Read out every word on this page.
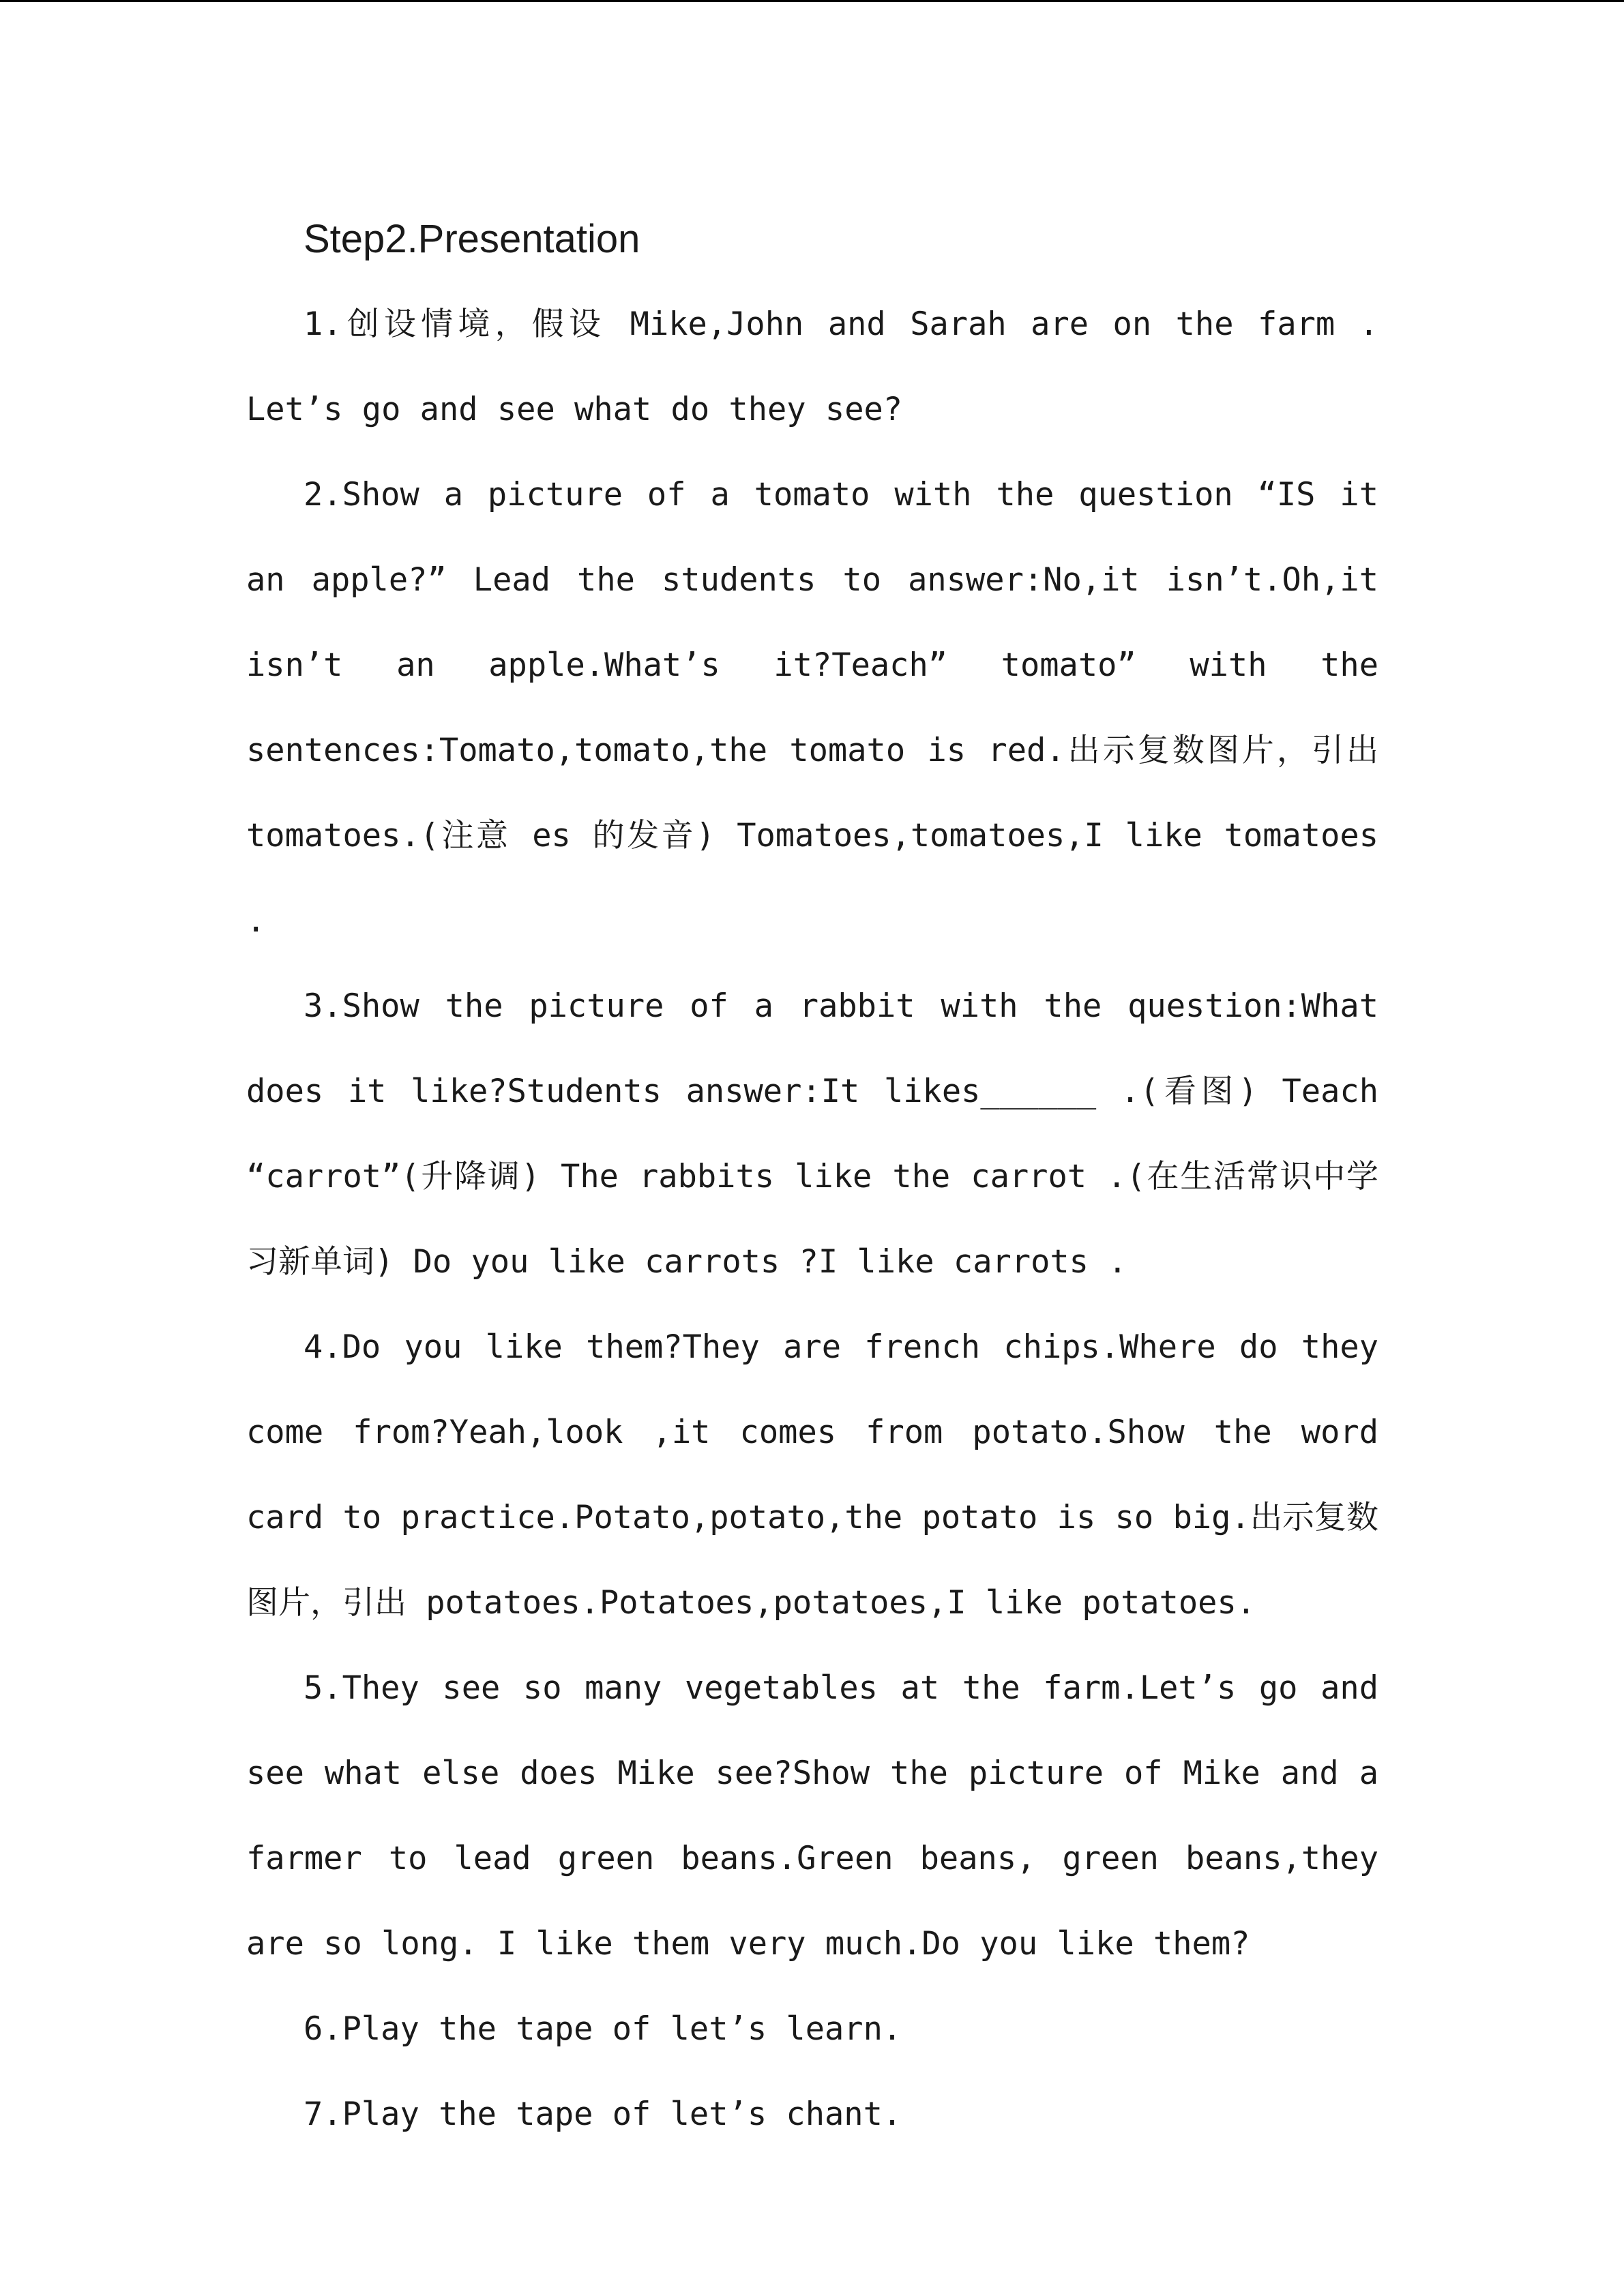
Step2.Presentation

1.创设情境，假设 Mike,John and Sarah are on the farm . Let’s go and see what do they see?

2.Show a picture of a tomato with the question “IS it an apple?” Lead the students to answer:No,it isn’t.Oh,it isn’t an apple.What’s it?Teach” tomato” with the sentences:Tomato,tomato,the tomato is red.出示复数图片，引出 tomatoes.(注意 es 的发音) Tomatoes,tomatoes,I like tomatoes .

3.Show the picture of a rabbit with the question:What does it like?Students answer:It likes______ .(看图) Teach “carrot”(升降调) The rabbits like the carrot .(在生活常识中学习新单词) Do you like carrots ?I like carrots .

4.Do you like them?They are french chips.Where do they come from?Yeah,look ,it comes from potato.Show the word card to practice.Potato,potato,the potato is so big.出示复数图片，引出 potatoes.Potatoes,potatoes,I like potatoes.

5.They see so many vegetables at the farm.Let’s go and see what else does Mike see?Show the picture of Mike and a farmer to lead green beans.Green beans, green beans,they are so long. I like them very much.Do you like them?

6.Play the tape of let’s learn.

7.Play the tape of let’s chant.
